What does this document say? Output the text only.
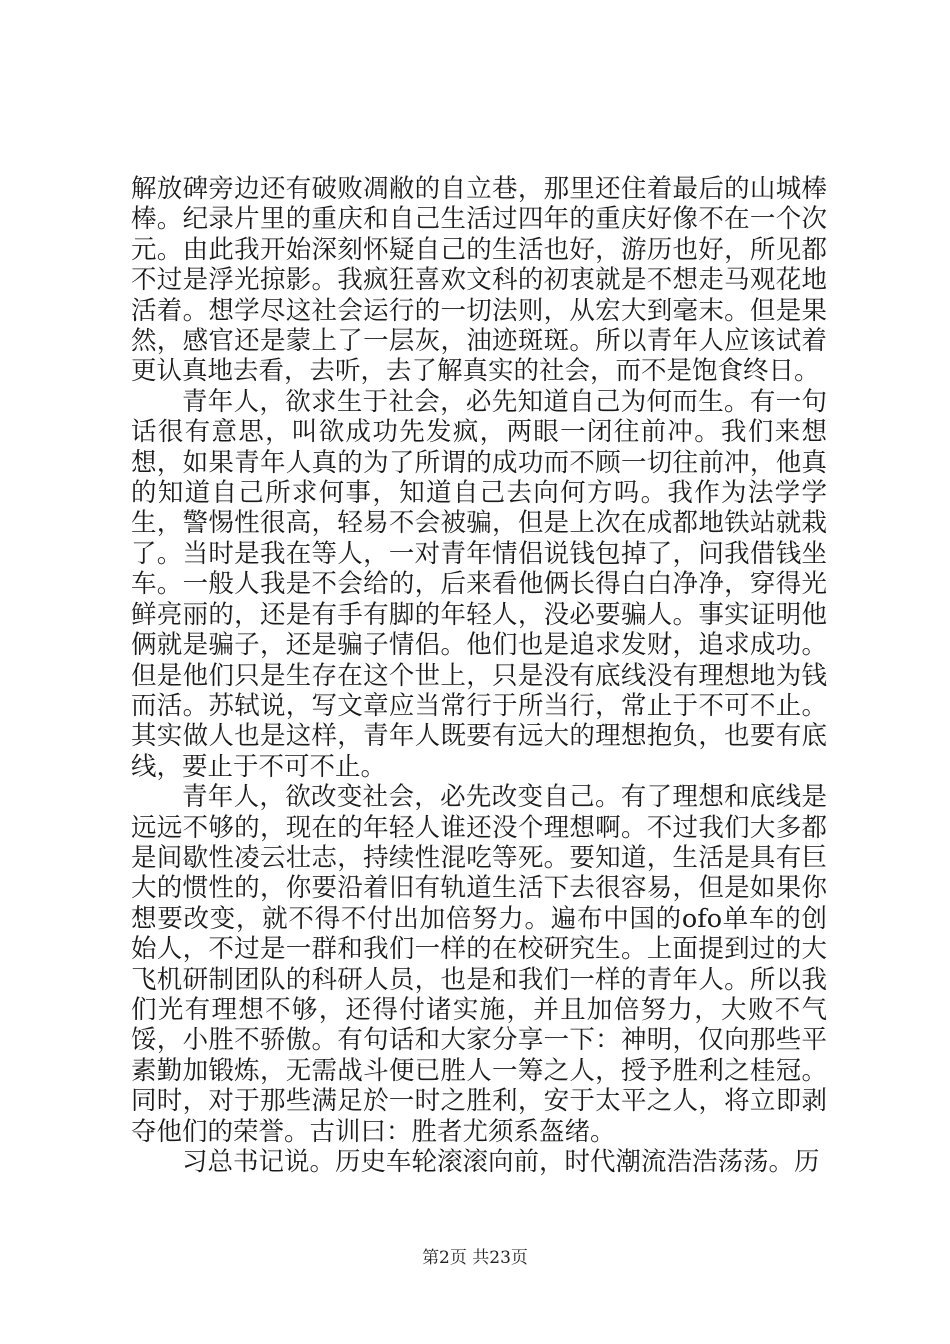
解放碑旁边还有破败凋敝的自立巷，那里还住着最后的山城棒棒。纪录片里的重庆和自己生活过四年的重庆好像不在一个次元。由此我开始深刻怀疑自己的生活也好，游历也好，所见都不过是浮光掠影。我疯狂喜欢文科的初衷就是不想走马观花地活着。想学尽这社会运行的一切法则，从宏大到毫末。但是果然，感官还是蒙上了一层灰，油迹斑斑。所以青年人应该试着更认真地去看，去听，去了解真实的社会，而不是饱食终日。

青年人，欲求生于社会，必先知道自己为何而生。有一句话很有意思，叫欲成功先发疯，两眼一闭往前冲。我们来想想，如果青年人真的为了所谓的成功而不顾一切往前冲，他真的知道自己所求何事，知道自己去向何方吗。我作为法学学生，警惕性很高，轻易不会被骗，但是上次在成都地铁站就栽了。当时是我在等人，一对青年情侣说钱包掉了，问我借钱坐车。一般人我是不会给的，后来看他俩长得白白净净，穿得光鲜亮丽的，还是有手有脚的年轻人，没必要骗人。事实证明他俩就是骗子，还是骗子情侣。他们也是追求发财，追求成功。但是他们只是生存在这个世上，只是没有底线没有理想地为钱而活。苏轼说，写文章应当常行于所当行，常止于不可不止。其实做人也是这样，青年人既要有远大的理想抱负，也要有底线，要止于不可不止。

青年人，欲改变社会，必先改变自己。有了理想和底线是远远不够的，现在的年轻人谁还没个理想啊。不过我们大多都是间歇性凌云壮志，持续性混吃等死。要知道，生活是具有巨大的惯性的，你要沿着旧有轨道生活下去很容易，但是如果你想要改变，就不得不付出加倍努力。遍布中国的ofo单车的创始人，不过是一群和我们一样的在校研究生。上面提到过的大飞机研制团队的科研人员，也是和我们一样的青年人。所以我们光有理想不够，还得付诸实施，并且加倍努力，大败不气馁，小胜不骄傲。有句话和大家分享一下：神明，仅向那些平素勤加锻炼，无需战斗便已胜人一筹之人，授予胜利之桂冠。同时，对于那些满足於一时之胜利，安于太平之人，将立即剥夺他们的荣誉。古训曰：胜者尤须系盔绪。

习总书记说。历史车轮滚滚向前，时代潮流浩浩荡荡。历

第2页 共23页
